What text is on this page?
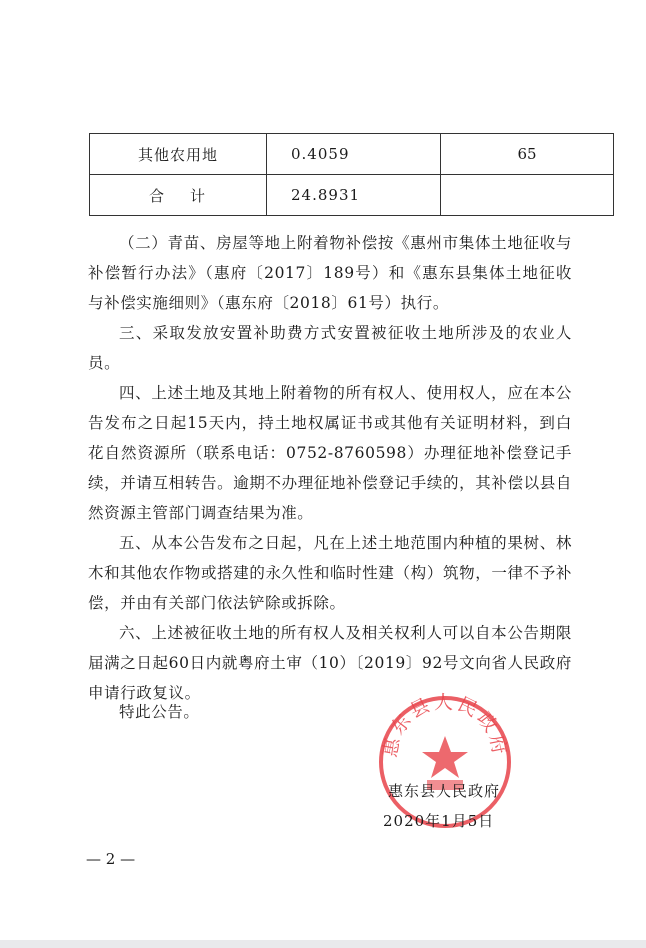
其他农用地	0.4059	65
合计	24.8931	

（二）青苗、房屋等地上附着物补偿按《惠州市集体土地征收与补偿暂行办法》（惠府〔2017〕189号）和《惠东县集体土地征收与补偿实施细则》（惠东府〔2018〕61号）执行。

三、采取发放安置补助费方式安置被征收土地所涉及的农业人员。

四、上述土地及其地上附着物的所有权人、使用权人，应在本公告发布之日起15天内，持土地权属证书或其他有关证明材料，到白花自然资源所（联系电话：0752-8760598）办理征地补偿登记手续，并请互相转告。逾期不办理征地补偿登记手续的，其补偿以县自然资源主管部门调查结果为准。

五、从本公告发布之日起，凡在上述土地范围内种植的果树、林木和其他农作物或搭建的永久性和临时性建（构）筑物，一律不予补偿，并由有关部门依法铲除或拆除。

六、上述被征收土地的所有权人及相关权利人可以自本公告期限届满之日起60日内就粤府土审（10）〔2019〕92号文向省人民政府申请行政复议。

特此公告。
惠东县人民政府
惠东县人民政府
2020年1月5日
— 2 —
